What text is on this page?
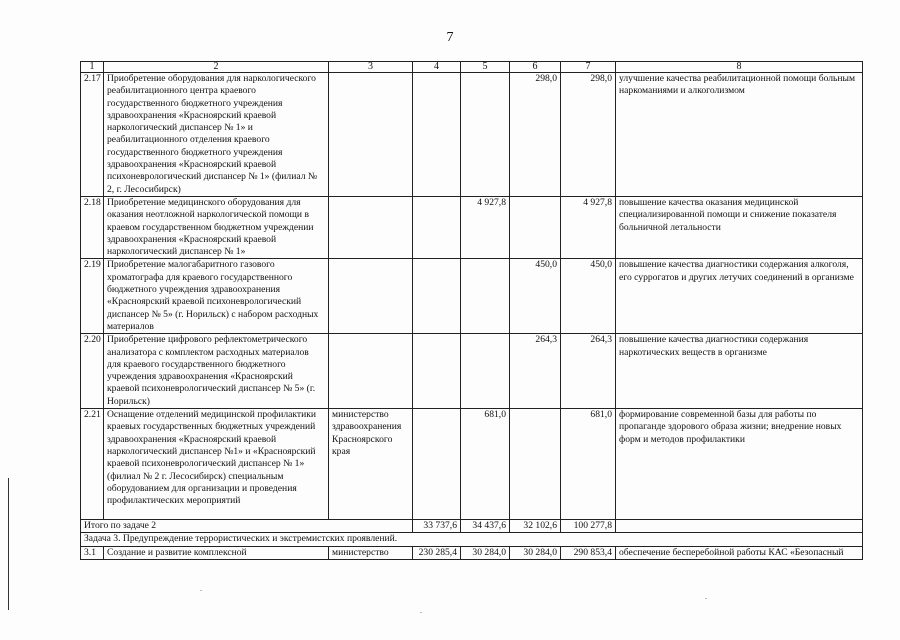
7
1	2	3	4	5	6	7	8
2.17	Приобретение оборудования для наркологического реабилитационного центра краевого государственного бюджетного учреждения здравоохранения «Красноярский краевой наркологический диспансер № 1» и реабилитационного отделения краевого государственного бюджетного учреждения здравоохранения «Красноярский краевой психоневрологический диспансер № 1» (филиал № 2, г. Лесосибирск)				298,0	298,0	улучшение качества реабилитационной помощи больным наркоманиями и алкоголизмом
2.18	Приобретение медицинского оборудования для оказания неотложной наркологической помощи в краевом государственном бюджетном учреждении здравоохранения «Красноярский краевой наркологический диспансер № 1»			4 927,8		4 927,8	повышение качества оказания медицинской специализированной помощи и снижение показателя больничной летальности
2.19	Приобретение малогабаритного газового хроматографа для краевого государственного бюджетного учреждения здравоохранения «Красноярский краевой психоневрологический диспансер № 5» (г. Норильск) с набором расходных материалов				450,0	450,0	повышение качества диагностики содержания алкоголя, его суррогатов и других летучих соединений в организме
2.20	Приобретение цифрового рефлектометрического анализатора с комплектом расходных материалов для краевого государственного бюджетного учреждения здравоохранения «Красноярский краевой психоневрологический диспансер № 5» (г. Норильск)				264,3	264,3	повышение качества диагностики содержания наркотических веществ в организме
2.21	Оснащение отделений медицинской профилактики краевых государственных бюджетных учреждений здравоохранения «Красноярский краевой наркологический диспансер №1» и «Красноярский краевой психоневрологический диспансер № 1» (филиал № 2 г. Лесосибирск) специальным оборудованием для организации и проведения профилактических мероприятий	министерство здравоохранения Красноярского края		681,0		681,0	формирование современной базы для работы по пропаганде здорового образа жизни; внедрение новых форм и методов профилактики
Итого по задаче 2			33 737,6	34 437,6	32 102,6	100 277,8	
Задача 3. Предупреждение террористических и экстремистских проявлений.							
3.1	Создание и развитие комплексной	министерство	230 285,4	30 284,0	30 284,0	290 853,4	обеспечение бесперебойной работы КАС «Безопасный
